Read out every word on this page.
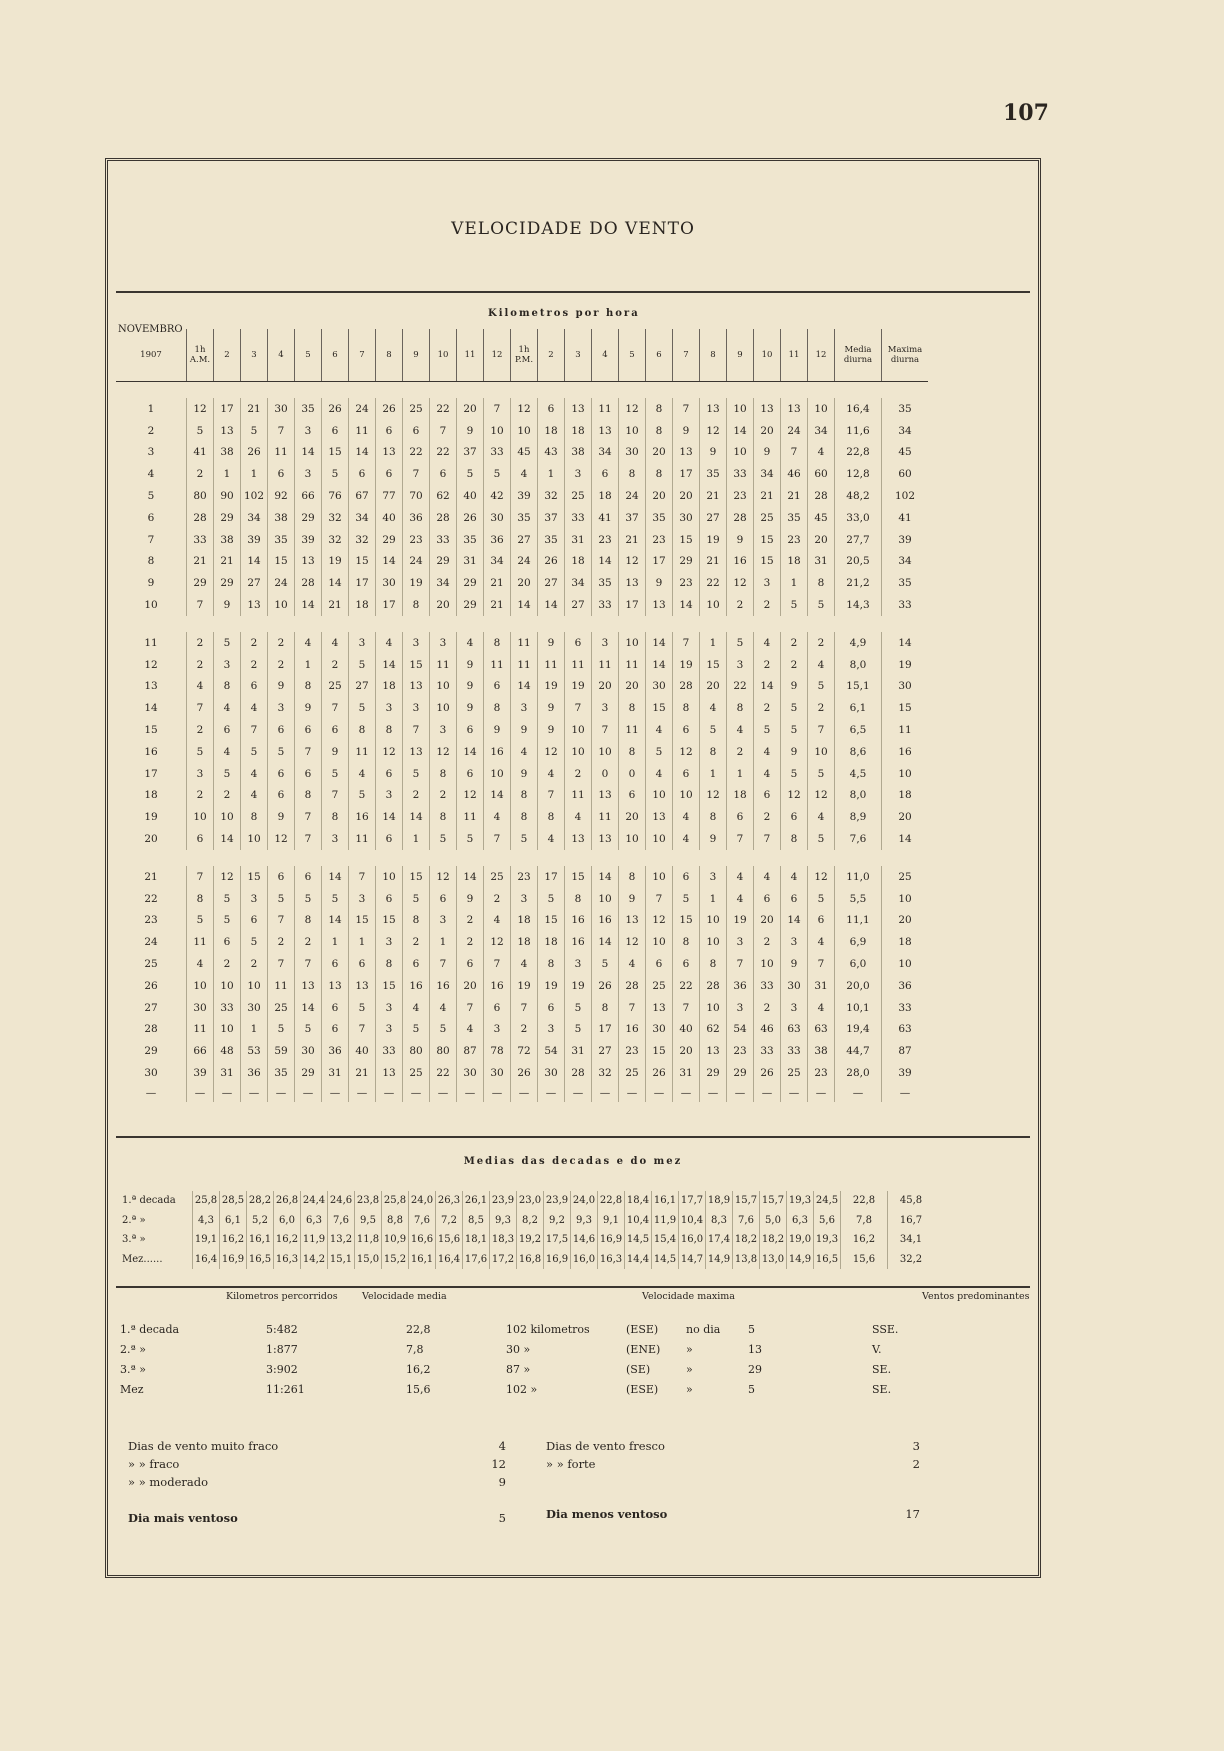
107
VELOCIDADE DO VENTO
NOVEMBRO
Kilometros por hora
1907	1h A.M.	2	3	4	5	6	7	8	9	10	11	12	1h P.M.	2	3	4	5	6	7	8	9	10	11	12	Media diurna	Maxima diurna

1	12	17	21	30	35	26	24	26	25	22	20	7	12	6	13	11	12	8	7	13	10	13	13	10	16,4	35
2	5	13	5	7	3	6	11	6	6	7	9	10	10	18	18	13	10	8	9	12	14	20	24	34	11,6	34
3	41	38	26	11	14	15	14	13	22	22	37	33	45	43	38	34	30	20	13	9	10	9	7	4	22,8	45
4	2	1	1	6	3	5	6	6	7	6	5	5	4	1	3	6	8	8	17	35	33	34	46	60	12,8	60
5	80	90	102	92	66	76	67	77	70	62	40	42	39	32	25	18	24	20	20	21	23	21	21	28	48,2	102
6	28	29	34	38	29	32	34	40	36	28	26	30	35	37	33	41	37	35	30	27	28	25	35	45	33,0	41
7	33	38	39	35	39	32	32	29	23	33	35	36	27	35	31	23	21	23	15	19	9	15	23	20	27,7	39
8	21	21	14	15	13	19	15	14	24	29	31	34	24	26	18	14	12	17	29	21	16	15	18	31	20,5	34
9	29	29	27	24	28	14	17	30	19	34	29	21	20	27	34	35	13	9	23	22	12	3	1	8	21,2	35
10	7	9	13	10	14	21	18	17	8	20	29	21	14	14	27	33	17	13	14	10	2	2	5	5	14,3	33

11	2	5	2	2	4	4	3	4	3	3	4	8	11	9	6	3	10	14	7	1	5	4	2	2	4,9	14
12	2	3	2	2	1	2	5	14	15	11	9	11	11	11	11	11	11	14	19	15	3	2	2	4	8,0	19
13	4	8	6	9	8	25	27	18	13	10	9	6	14	19	19	20	20	30	28	20	22	14	9	5	15,1	30
14	7	4	4	3	9	7	5	3	3	10	9	8	3	9	7	3	8	15	8	4	8	2	5	2	6,1	15
15	2	6	7	6	6	6	8	8	7	3	6	9	9	9	10	7	11	4	6	5	4	5	5	7	6,5	11
16	5	4	5	5	7	9	11	12	13	12	14	16	4	12	10	10	8	5	12	8	2	4	9	10	8,6	16
17	3	5	4	6	6	5	4	6	5	8	6	10	9	4	2	0	0	4	6	1	1	4	5	5	4,5	10
18	2	2	4	6	8	7	5	3	2	2	12	14	8	7	11	13	6	10	10	12	18	6	12	12	8,0	18
19	10	10	8	9	7	8	16	14	14	8	11	4	8	8	4	11	20	13	4	8	6	2	6	4	8,9	20
20	6	14	10	12	7	3	11	6	1	5	5	7	5	4	13	13	10	10	4	9	7	7	8	5	7,6	14

21	7	12	15	6	6	14	7	10	15	12	14	25	23	17	15	14	8	10	6	3	4	4	4	12	11,0	25
22	8	5	3	5	5	5	3	6	5	6	9	2	3	5	8	10	9	7	5	1	4	6	6	5	5,5	10
23	5	5	6	7	8	14	15	15	8	3	2	4	18	15	16	16	13	12	15	10	19	20	14	6	11,1	20
24	11	6	5	2	2	1	1	3	2	1	2	12	18	18	16	14	12	10	8	10	3	2	3	4	6,9	18
25	4	2	2	7	7	6	6	8	6	7	6	7	4	8	3	5	4	6	6	8	7	10	9	7	6,0	10
26	10	10	10	11	13	13	13	15	16	16	20	16	19	19	19	26	28	25	22	28	36	33	30	31	20,0	36
27	30	33	30	25	14	6	5	3	4	4	7	6	7	6	5	8	7	13	7	10	3	2	3	4	10,1	33
28	11	10	1	5	5	6	7	3	5	5	4	3	2	3	5	17	16	30	40	62	54	46	63	63	19,4	63
29	66	48	53	59	30	36	40	33	80	80	87	78	72	54	31	27	23	15	20	13	23	33	33	38	44,7	87
30	39	31	36	35	29	31	21	13	25	22	30	30	26	30	28	32	25	26	31	29	29	26	25	23	28,0	39
—	—	—	—	—	—	—	—	—	—	—	—	—	—	—	—	—	—	—	—	—	—	—	—	—	—	—
Medias das decadas e do mez
1.ª decada	25,8	28,5	28,2	26,8	24,4	24,6	23,8	25,8	24,0	26,3	26,1	23,9	23,0	23,9	24,0	22,8	18,4	16,1	17,7	18,9	15,7	15,7	19,3	24,5	22,8	45,8
2.ª »	4,3	6,1	5,2	6,0	6,3	7,6	9,5	8,8	7,6	7,2	8,5	9,3	8,2	9,2	9,3	9,1	10,4	11,9	10,4	8,3	7,6	5,0	6,3	5,6	7,8	16,7
3.ª »	19,1	16,2	16,1	16,2	11,9	13,2	11,8	10,9	16,6	15,6	18,1	18,3	19,2	17,5	14,6	16,9	14,5	15,4	16,0	17,4	18,2	18,2	19,0	19,3	16,2	34,1
Mez......	16,4	16,9	16,5	16,3	14,2	15,1	15,0	15,2	16,1	16,4	17,6	17,2	16,8	16,9	16,0	16,3	14,4	14,5	14,7	14,9	13,8	13,0	14,9	16,5	15,6	32,2
Kilometros percorridos	Velocidade media	Velocidade maxima	Ventos predominantes
1.ª decada	5:482	22,8	102 kilometros	(ESE)	no dia	5	SSE.
2.ª »	1:877	7,8	30 »	(ENE) »	13	V.
3.ª »	3:902	16,2	87 »	(SE)	»	29	SE.
Mez	11:261	15,6	102 »	(ESE)	»	5	SE.
Dias de vento muito fraco	4
» » fraco	12
» » moderado	9
Dias de vento fresco	3
» » forte	2
Dia mais ventoso	5	Dia menos ventoso	17
